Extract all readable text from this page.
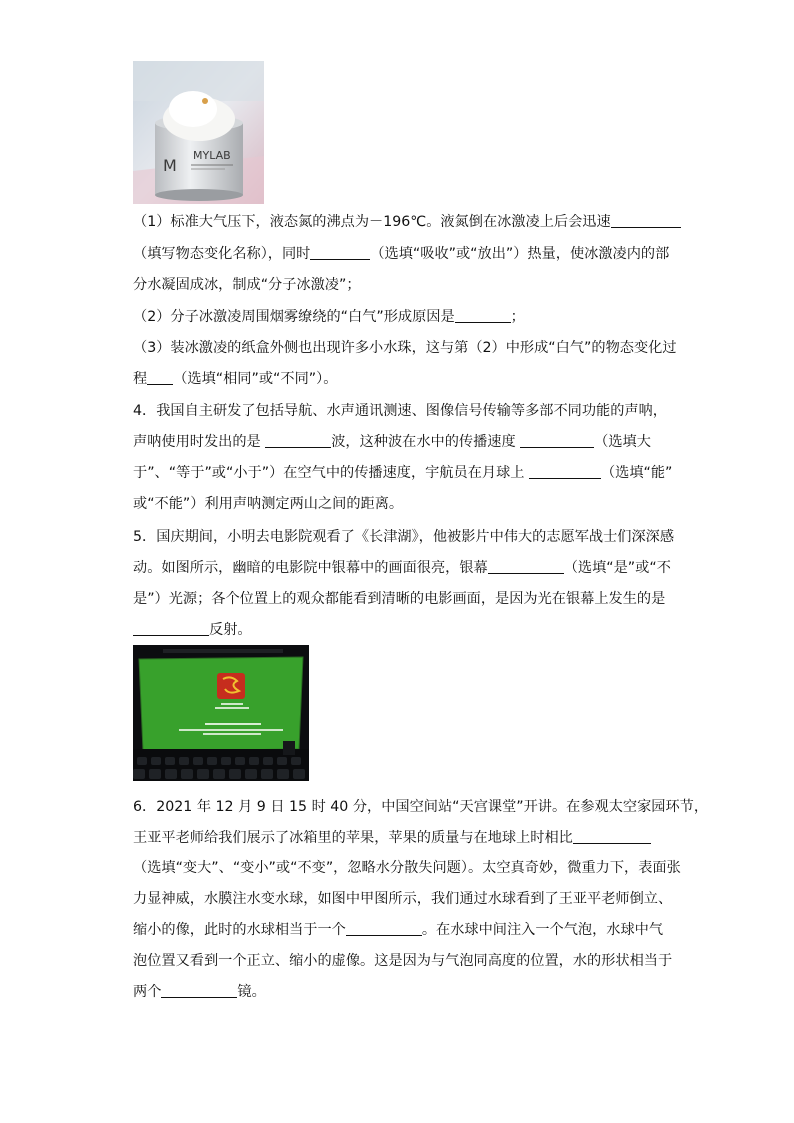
M
MYLAB
（1）标准大气压下，液态氮的沸点为－196℃。液氮倒在冰激凌上后会迅速
（填写物态变化名称），同时	（选填“吸收”或“放出”）热量，使冰激凌内的部
分水凝固成冰，制成“分子冰激凌”；
（2）分子冰激凌周围烟雾缭绕的“白气”形成原因是	；
（3）装冰激凌的纸盒外侧也出现许多小水珠，这与第（2）中形成“白气”的物态变化过
程 （选填“相同”或“不同”）。
4．我国自主研发了包括导航、水声通讯测速、图像信号传输等多部不同功能的声呐，
声呐使用时发出的是	波，这种波在水中的传播速度	（选填大
于”、“等于”或“小于”）在空气中的传播速度，宇航员在月球上	（选填“能”
或“不能”）利用声呐测定两山之间的距离。
5．国庆期间，小明去电影院观看了《长津湖》，他被影片中伟大的志愿军战士们深深感
动。如图所示，幽暗的电影院中银幕中的画面很亮，银幕	（选填“是”或“不
是”）光源；各个位置上的观众都能看到清晰的电影画面，是因为光在银幕上发生的是
反射。
6．2021 年 12 月 9 日 15 时 40 分，中国空间站“天宫课堂”开讲。在参观太空家园环节，
王亚平老师给我们展示了冰箱里的苹果，苹果的质量与在地球上时相比
（选填“变大”、“变小”或“不变”，忽略水分散失问题）。太空真奇妙，微重力下，表面张
力显神威，水膜注水变水球，如图中甲图所示，我们通过水球看到了王亚平老师倒立、
缩小的像，此时的水球相当于一个	。在水球中间注入一个气泡，水球中气
泡位置又看到一个正立、缩小的虚像。这是因为与气泡同高度的位置，水的形状相当于
两个	镜。
